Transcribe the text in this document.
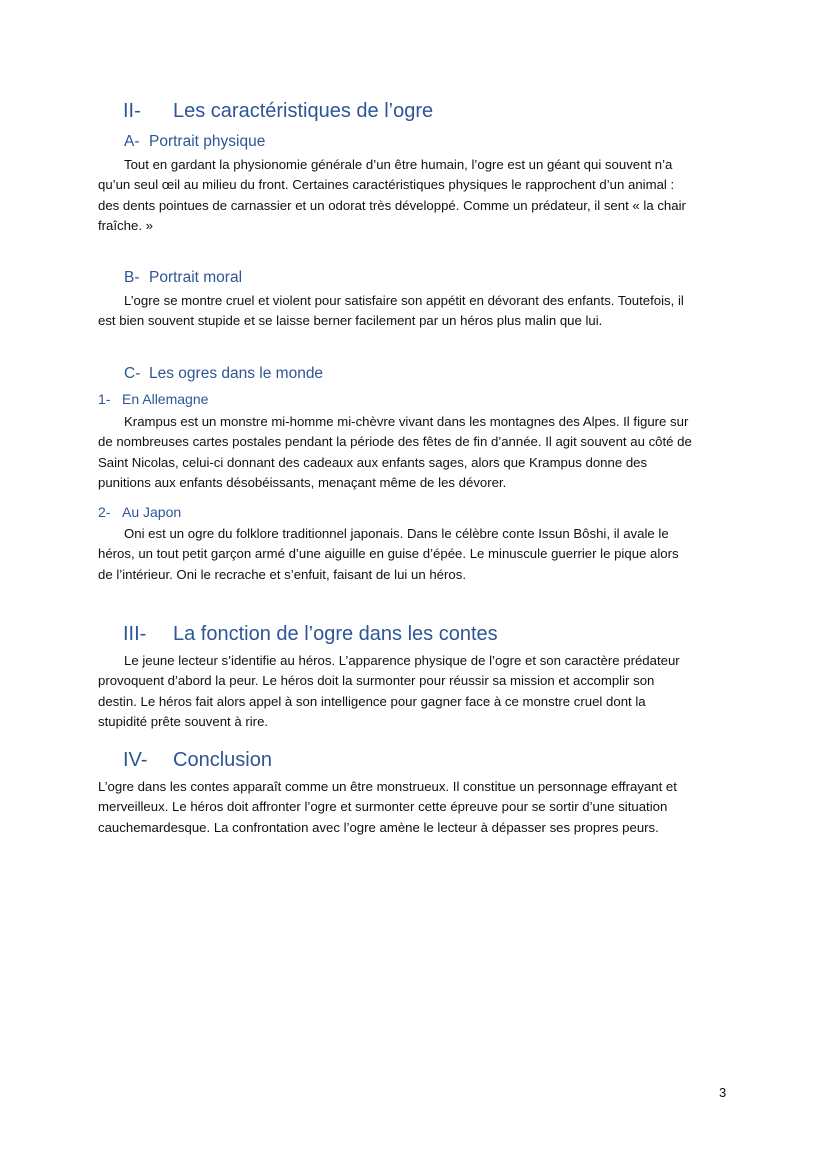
II- Les caractéristiques de l’ogre
A- Portrait physique
Tout en gardant la physionomie générale d’un être humain, l’ogre est un géant qui souvent n’a
qu’un seul œil au milieu du front. Certaines caractéristiques physiques le rapprochent d’un animal :
des dents pointues de carnassier et un odorat très développé. Comme un prédateur, il sent « la chair
fraîche. »
B- Portrait moral
L’ogre se montre cruel et violent pour satisfaire son appétit en dévorant des enfants. Toutefois, il
est bien souvent stupide et se laisse berner facilement par un héros plus malin que lui.
C- Les ogres dans le monde
1- En Allemagne
Krampus est un monstre mi-homme mi-chèvre vivant dans les montagnes des Alpes. Il figure sur
de nombreuses cartes postales pendant la période des fêtes de fin d’année. Il agit souvent au côté de
Saint Nicolas, celui-ci donnant des cadeaux aux enfants sages, alors que Krampus donne des
punitions aux enfants désobéissants, menaçant même de les dévorer.
2- Au Japon
Oni est un ogre du folklore traditionnel japonais. Dans le célèbre conte Issun Bôshi, il avale le
héros, un tout petit garçon armé d’une aiguille en guise d’épée. Le minuscule guerrier le pique alors
de l’intérieur. Oni le recrache et s’enfuit, faisant de lui un héros.
III- La fonction de l’ogre dans les contes
Le jeune lecteur s’identifie au héros. L’apparence physique de l’ogre et son caractère prédateur
provoquent d’abord la peur. Le héros doit la surmonter pour réussir sa mission et accomplir son
destin. Le héros fait alors appel à son intelligence pour gagner face à ce monstre cruel dont la
stupidité prête souvent à rire.
IV- Conclusion
L’ogre dans les contes apparaît comme un être monstrueux. Il constitue un personnage effrayant et
merveilleux. Le héros doit affronter l’ogre et surmonter cette épreuve pour se sortir d’une situation
cauchemardesque. La confrontation avec l’ogre amène le lecteur à dépasser ses propres peurs.
3
